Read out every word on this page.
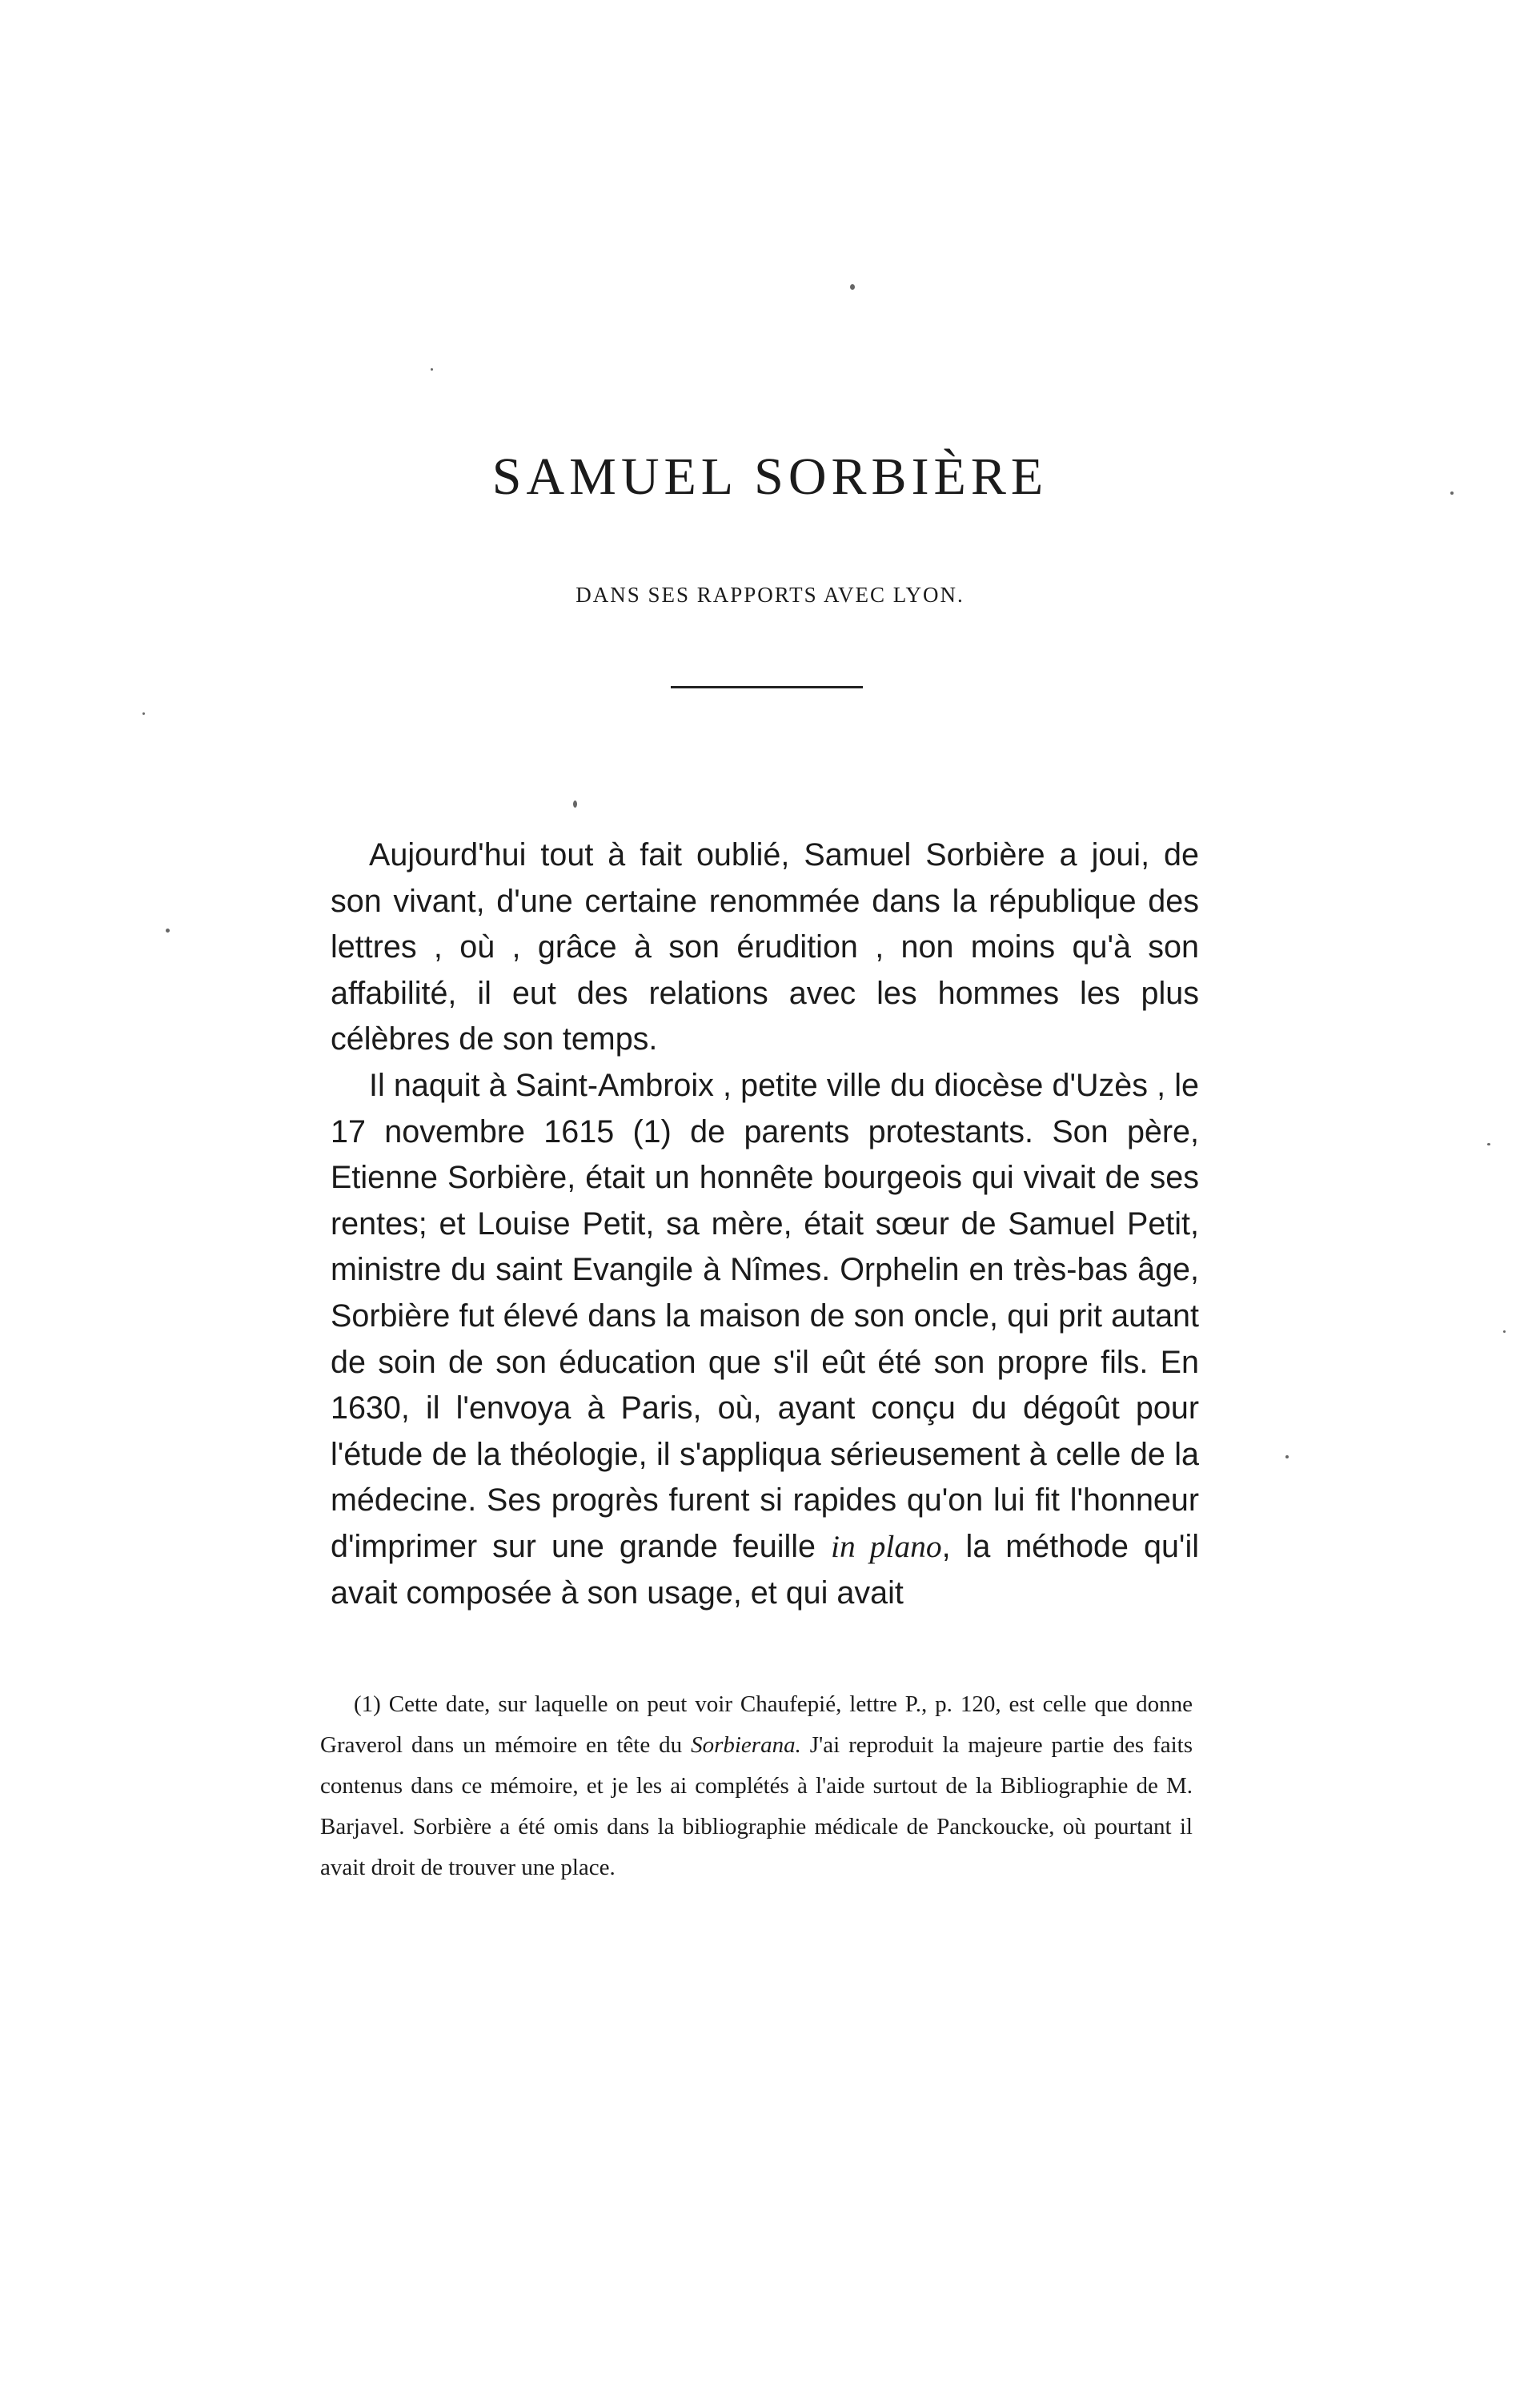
SAMUEL SORBIÈRE
DANS SES RAPPORTS AVEC LYON.

Aujourd'hui tout à fait oublié, Samuel Sorbière a joui, de son vivant, d'une certaine renommée dans la république des lettres , où , grâce à son érudition , non moins qu'à son affabilité, il eut des relations avec les hommes les plus célèbres de son temps.

Il naquit à Saint-Ambroix , petite ville du diocèse d'Uzès , le 17 novembre 1615 (1) de parents protestants. Son père, Etienne Sorbière, était un honnête bourgeois qui vivait de ses rentes; et Louise Petit, sa mère, était sœur de Samuel Petit, ministre du saint Evangile à Nîmes. Orphelin en très-bas âge, Sorbière fut élevé dans la maison de son oncle, qui prit autant de soin de son éducation que s'il eût été son propre fils. En 1630, il l'envoya à Paris, où, ayant conçu du dégoût pour l'étude de la théologie, il s'appliqua sérieusement à celle de la médecine. Ses progrès furent si rapides qu'on lui fit l'honneur d'imprimer sur une grande feuille in plano, la méthode qu'il avait composée à son usage, et qui avait

(1) Cette date, sur laquelle on peut voir Chaufepié, lettre P., p. 120, est celle que donne Graverol dans un mémoire en tête du Sorbierana. J'ai reproduit la majeure partie des faits contenus dans ce mémoire, et je les ai complétés à l'aide surtout de la Bibliographie de M. Barjavel. Sorbière a été omis dans la bibliographie médicale de Panckoucke, où pourtant il avait droit de trouver une place.
